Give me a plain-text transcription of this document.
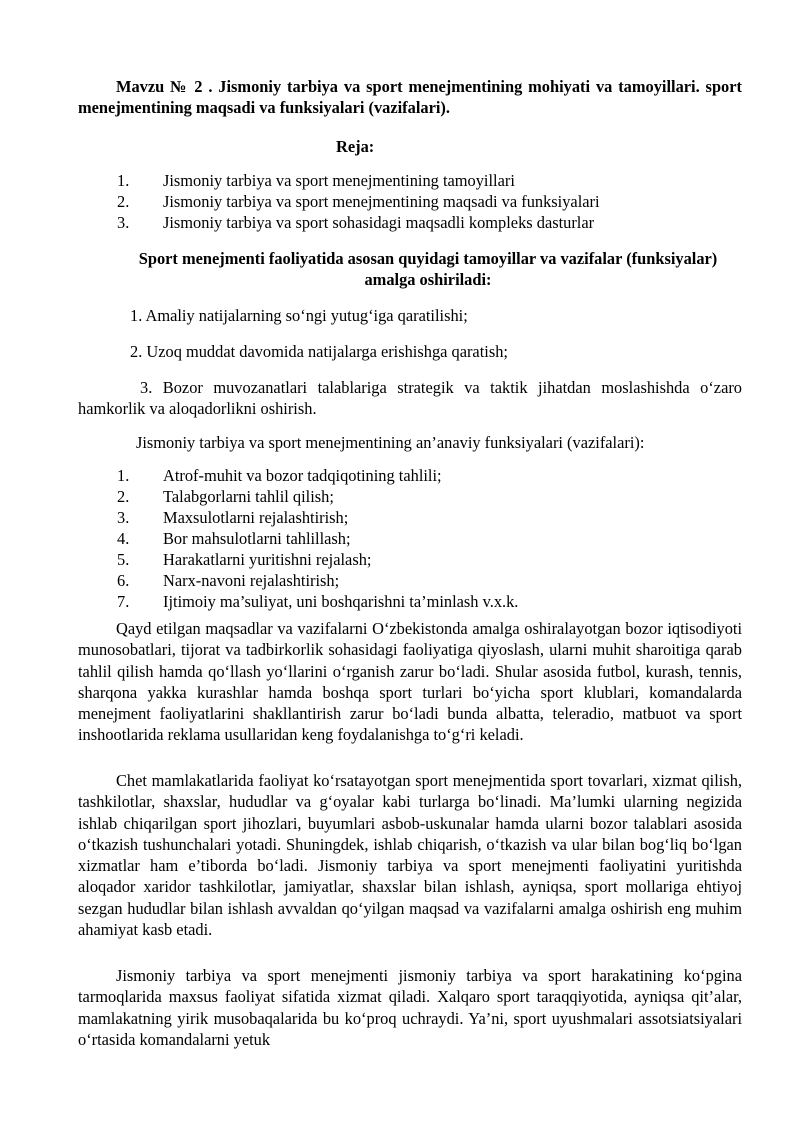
Mavzu № 2 . Jismoniy tarbiya va sport menejmentining mohiyati va tamoyillari. sport menejmentining maqsadi va funksiyalari (vazifalari).
Reja:
1. Jismoniy tarbiya va sport menejmentining tamoyillari
2. Jismoniy tarbiya va sport menejmentining maqsadi va funksiyalari
3. Jismoniy tarbiya va sport sohasidagi maqsadli kompleks dasturlar
Sport menejmenti faoliyatida asosan quyidagi tamoyillar va vazifalar (funksiyalar) amalga oshiriladi:
1. Amaliy natijalarning so‘ngi yutug‘iga qaratilishi;
2. Uzoq muddat davomida natijalarga erishishga qaratish;
3. Bozor muvozanatlari talablariga strategik va taktik jihatdan moslashishda o‘zaro hamkorlik va aloqadorlikni oshirish.
Jismoniy tarbiya va sport menejmentining an’anaviy funksiyalari (vazifalari):
1. Atrof-muhit va bozor tadqiqotining tahlili;
2. Talabgorlarni tahlil qilish;
3. Maxsulotlarni rejalashtirish;
4. Bor mahsulotlarni tahlillash;
5. Harakatlarni yuritishni rejalash;
6. Narx-navoni rejalashtirish;
7. Ijtimoiy ma’suliyat, uni boshqarishni ta’minlash v.x.k.

Qayd etilgan maqsadlar va vazifalarni O‘zbekistonda amalga oshiralayotgan bozor iqtisodiyoti munosobatlari, tijorat va tadbirkorlik sohasidagi faoliyatiga qiyoslash, ularni muhit sharoitiga qarab tahlil qilish hamda qo‘llash yo‘llarini o‘rganish zarur bo‘ladi. Shular asosida futbol, kurash, tennis, sharqona yakka kurashlar hamda boshqa sport turlari bo‘yicha sport klublari, komandalarda menejment faoliyatlarini shakllantirish zarur bo‘ladi bunda albatta, teleradio, matbuot va sport inshootlarida reklama usullaridan keng foydalanishga to‘g‘ri keladi.

Chet mamlakatlarida faoliyat ko‘rsatayotgan sport menejmentida sport tovarlari, xizmat qilish, tashkilotlar, shaxslar, hududlar va g‘oyalar kabi turlarga bo‘linadi. Ma’lumki ularning negizida ishlab chiqarilgan sport jihozlari, buyumlari asbob-uskunalar hamda ularni bozor talablari asosida o‘tkazish tushunchalari yotadi. Shuningdek, ishlab chiqarish, o‘tkazish va ular bilan bog‘liq bo‘lgan xizmatlar ham e’tiborda bo‘ladi. Jismoniy tarbiya va sport menejmenti faoliyatini yuritishda aloqador xaridor tashkilotlar, jamiyatlar, shaxslar bilan ishlash, ayniqsa, sport mollariga ehtiyoj sezgan hududlar bilan ishlash avvaldan qo‘yilgan maqsad va vazifalarni amalga oshirish eng muhim ahamiyat kasb etadi.

Jismoniy tarbiya va sport menejmenti jismoniy tarbiya va sport harakatining ko‘pgina tarmoqlarida maxsus faoliyat sifatida xizmat qiladi. Xalqaro sport taraqqiyotida, ayniqsa qit’alar, mamlakatning yirik musobaqalarida bu ko‘proq uchraydi. Ya’ni, sport uyushmalari assotsiatsiyalari o‘rtasida komandalarni yetuk
